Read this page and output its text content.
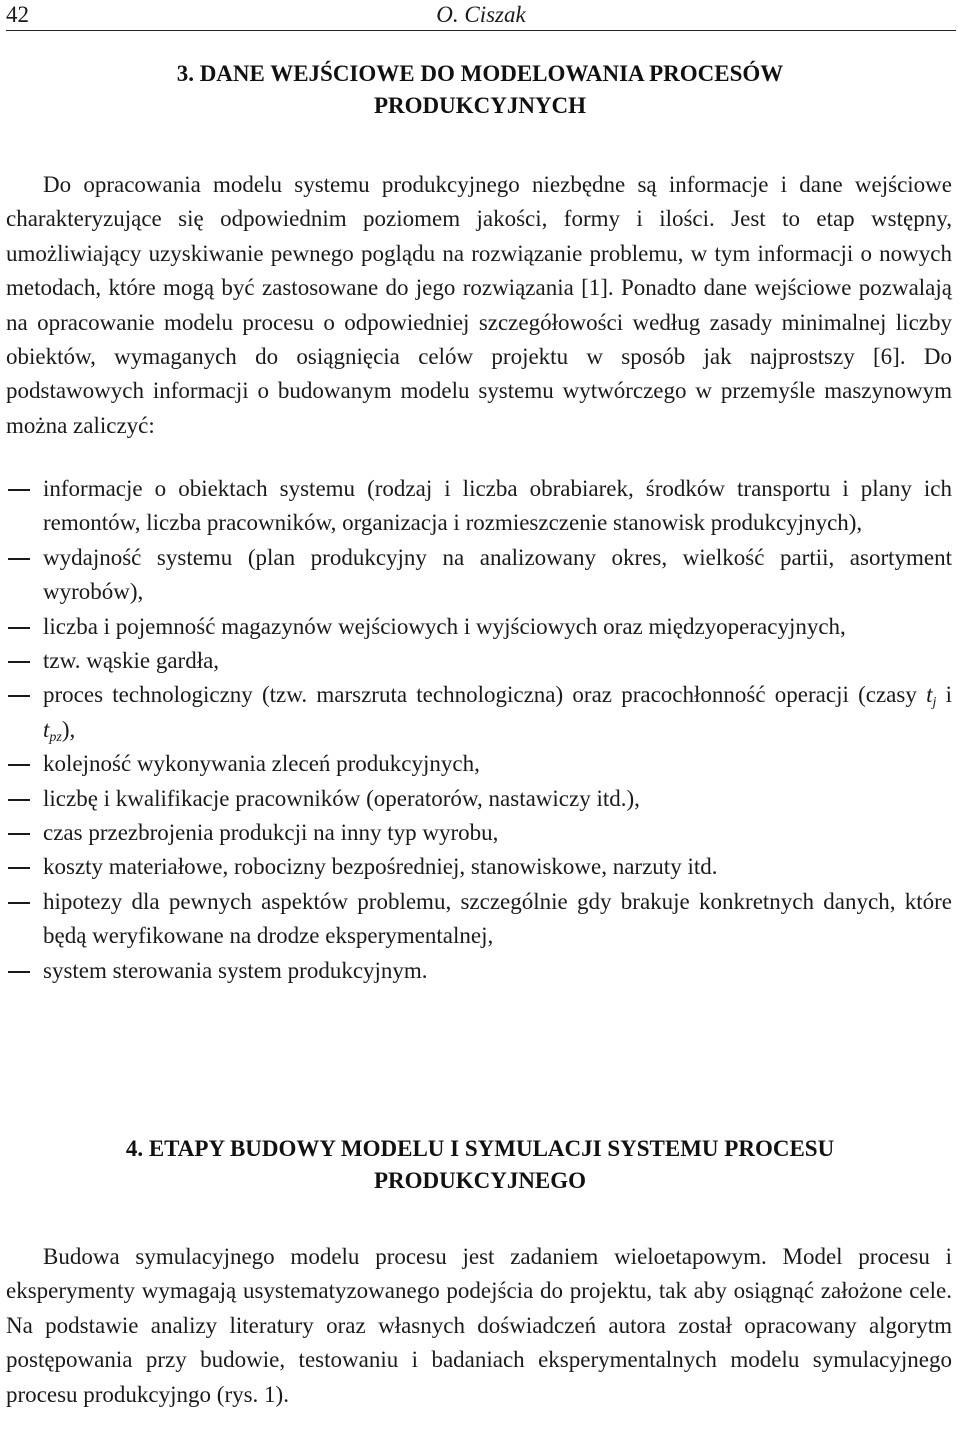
42	O. Ciszak
3. DANE WEJŚCIOWE DO MODELOWANIA PROCESÓW
PRODUKCYJNYCH
Do opracowania modelu systemu produkcyjnego niezbędne są informacje i dane wejściowe charakteryzujące się odpowiednim poziomem jakości, formy i ilości. Jest to etap wstępny, umożliwiający uzyskiwanie pewnego poglądu na rozwiązanie problemu, w tym informacji o nowych metodach, które mogą być zastosowane do jego rozwiązania [1]. Ponadto dane wejściowe pozwalają na opracowanie modelu procesu o odpowiedniej szczegółowości według zasady minimalnej liczby obiektów, wymaganych do osiągnięcia celów projektu w sposób jak najprostszy [6]. Do podstawowych informacji o budowanym modelu systemu wytwórczego w przemyśle maszynowym można zaliczyć:
informacje o obiektach systemu (rodzaj i liczba obrabiarek, środków transportu i plany ich remontów, liczba pracowników, organizacja i rozmieszczenie stanowisk produkcyjnych),
wydajność systemu (plan produkcyjny na analizowany okres, wielkość partii, asortyment wyrobów),
liczba i pojemność magazynów wejściowych i wyjściowych oraz międzyoperacyjnych,
tzw. wąskie gardła,
proces technologiczny (tzw. marszruta technologiczna) oraz pracochłonność operacji (czasy $t_j$ i $t_{pz}$),
kolejność wykonywania zleceń produkcyjnych,
liczbę i kwalifikacje pracowników (operatorów, nastawiczy itd.),
czas przezbrojenia produkcji na inny typ wyrobu,
koszty materiałowe, robocizny bezpośredniej, stanowiskowe, narzuty itd.
hipotezy dla pewnych aspektów problemu, szczególnie gdy brakuje konkretnych danych, które będą weryfikowane na drodze eksperymentalnej,
system sterowania system produkcyjnym.
4. ETAPY BUDOWY MODELU I SYMULACJI SYSTEMU PROCESU
PRODUKCYJNEGO
Budowa symulacyjnego modelu procesu jest zadaniem wieloetapowym. Model procesu i eksperymenty wymagają usystematyzowanego podejścia do projektu, tak aby osiągnąć założone cele. Na podstawie analizy literatury oraz własnych doświadczeń autora został opracowany algorytm postępowania przy budowie, testowaniu i badaniach eksperymentalnych modelu symulacyjnego procesu produkcyjngo (rys. 1).
